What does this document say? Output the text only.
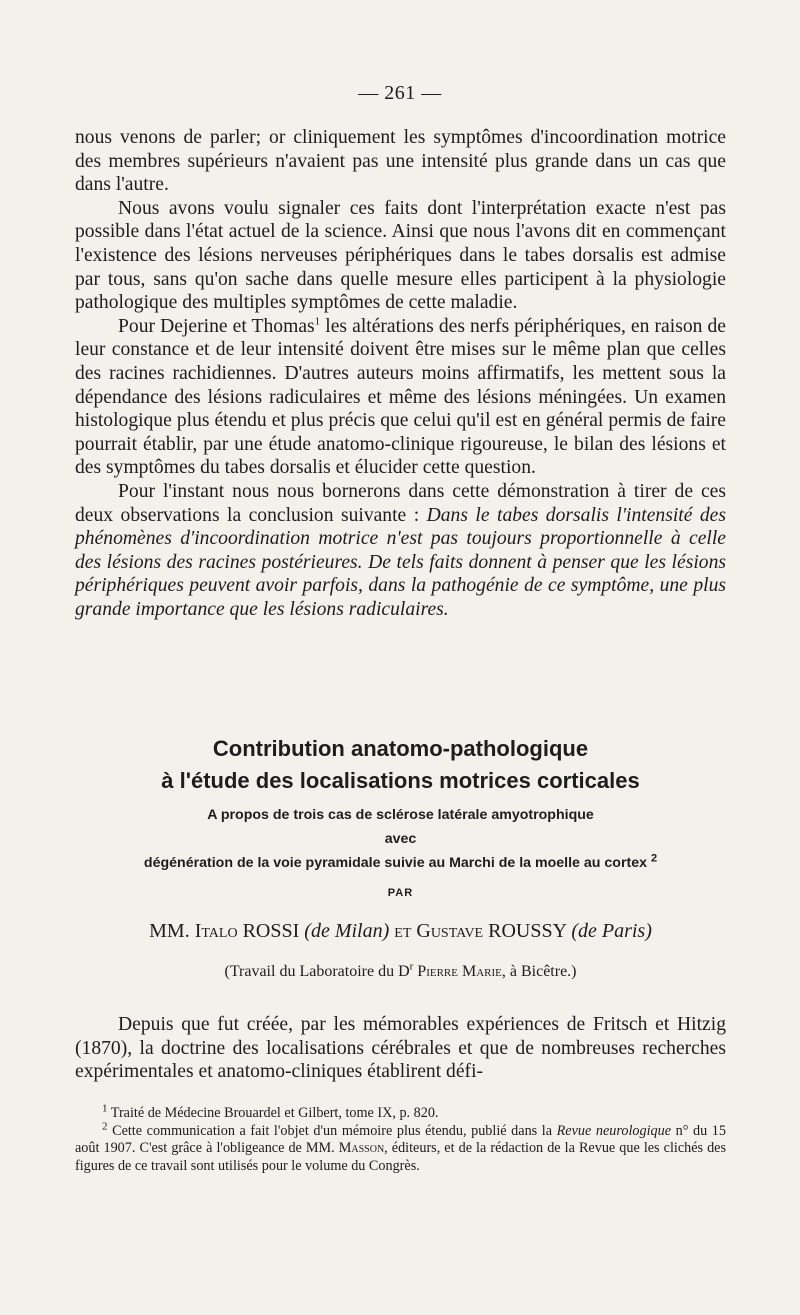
— 261 —

nous venons de parler; or cliniquement les symptômes d'incoordination motrice des membres supérieurs n'avaient pas une intensité plus grande dans un cas que dans l'autre.

Nous avons voulu signaler ces faits dont l'interprétation exacte n'est pas possible dans l'état actuel de la science. Ainsi que nous l'avons dit en commençant l'existence des lésions nerveuses périphériques dans le tabes dorsalis est admise par tous, sans qu'on sache dans quelle mesure elles participent à la physiologie pathologique des multiples symptômes de cette maladie.

Pour Dejerine et Thomas$^1$ les altérations des nerfs périphériques, en raison de leur constance et de leur intensité doivent être mises sur le même plan que celles des racines rachidiennes. D'autres auteurs moins affirmatifs, les mettent sous la dépendance des lésions radiculaires et même des lésions méningées. Un examen histologique plus étendu et plus précis que celui qu'il est en général permis de faire pourrait établir, par une étude anatomo-clinique rigoureuse, le bilan des lésions et des symptômes du tabes dorsalis et élucider cette question.

Pour l'instant nous nous bornerons dans cette démonstration à tirer de ces deux observations la conclusion suivante : Dans le tabes dorsalis l'intensité des phénomènes d'incoordination motrice n'est pas toujours proportionnelle à celle des lésions des racines postérieures. De tels faits donnent à penser que les lésions périphériques peuvent avoir parfois, dans la pathogénie de ce symptôme, une plus grande importance que les lésions radiculaires.

Contribution anatomo-pathologique
à l'étude des localisations motrices corticales
A propos de trois cas de sclérose latérale amyotrophique
avec
dégénération de la voie pyramidale suivie au Marchi de la moelle au cortex $^2$
PAR
MM. Italo ROSSI (de Milan) et Gustave ROUSSY (de Paris)
(Travail du Laboratoire du $D^r$ Pierre Marie, à Bicêtre.)

Depuis que fut créée, par les mémorables expériences de Fritsch et Hitzig (1870), la doctrine des localisations cérébrales et que de nombreuses recherches expérimentales et anatomo-cliniques établirent défi-

$^1$ Traité de Médecine Brouardel et Gilbert, tome IX, p. 820.

$^2$ Cette communication a fait l'objet d'un mémoire plus étendu, publié dans la Revue neurologique n° du 15 août 1907. C'est grâce à l'obligeance de MM. Masson, éditeurs, et de la rédaction de la Revue que les clichés des figures de ce travail sont utilisés pour le volume du Congrès.
